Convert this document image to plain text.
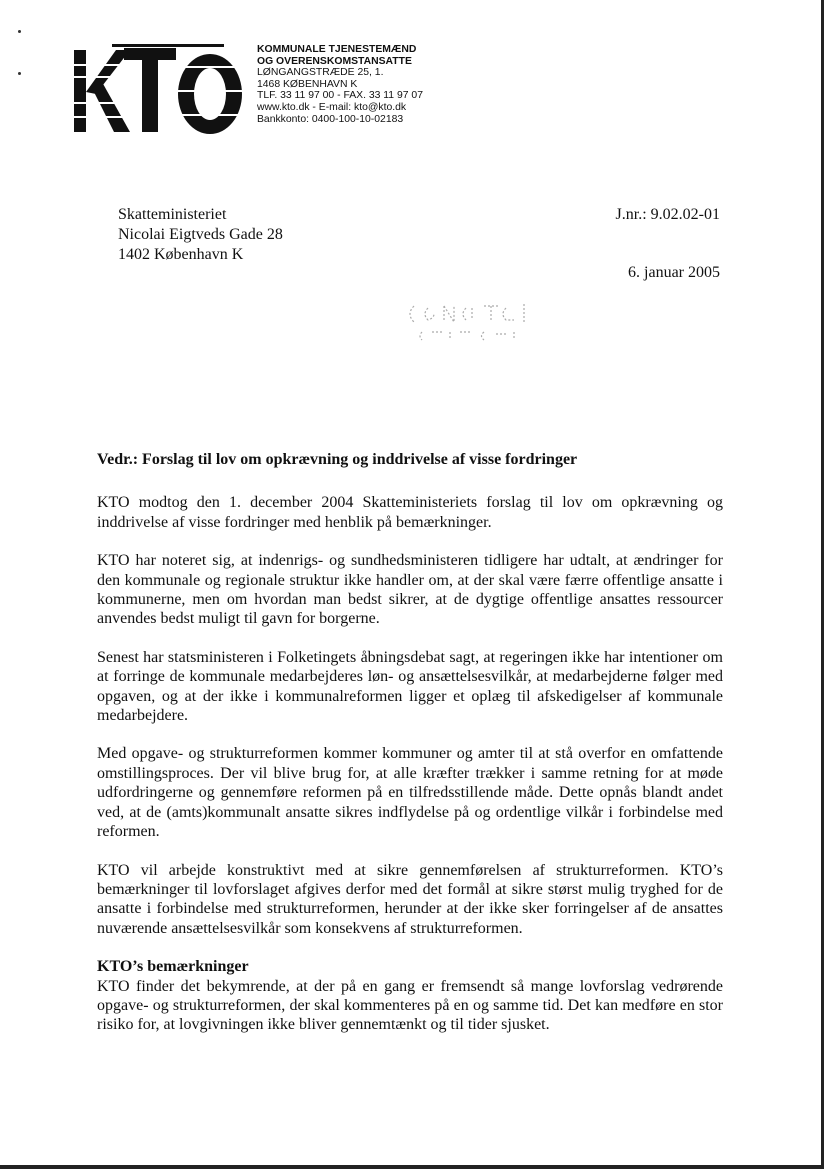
KOMMUNALE TJENESTEMÆND
OG OVERENSKOMSTANSATTE
LØNGANGSTRÆDE 25, 1.
1468 KØBENHAVN K
TLF. 33 11 97 00 - FAX. 33 11 97 07
www.kto.dk - E-mail: kto@kto.dk
Bankkonto: 0400-100-10-02183
Skatteministeriet
Nicolai Eigtveds Gade 28
1402 København K
J.nr.: 9.02.02-01
6. januar 2005
Vedr.: Forslag til lov om opkrævning og inddrivelse af visse fordringer

KTO modtog den 1. december 2004 Skatteministeriets forslag til lov om opkrævning og inddrivelse af visse fordringer med henblik på bemærkninger.

KTO har noteret sig, at indenrigs- og sundhedsministeren tidligere har udtalt, at ændringer for den kommunale og regionale struktur ikke handler om, at der skal være færre offentlige ansatte i kommunerne, men om hvordan man bedst sikrer, at de dygtige offentlige ansattes ressourcer anvendes bedst muligt til gavn for borgerne.

Senest har statsministeren i Folketingets åbningsdebat sagt, at regeringen ikke har intentioner om at forringe de kommunale medarbejderes løn- og ansættelsesvilkår, at medarbejderne følger med opgaven, og at der ikke i kommunalreformen ligger et oplæg til afskedigelser af kommunale medarbejdere.

Med opgave- og strukturreformen kommer kommuner og amter til at stå overfor en omfattende omstillingsproces. Der vil blive brug for, at alle kræfter trækker i samme retning for at møde udfordringerne og gennemføre reformen på en tilfredsstillende måde. Dette opnås blandt andet ved, at de (amts)kommunalt ansatte sikres indflydelse på og ordentlige vilkår i forbindelse med reformen.

KTO vil arbejde konstruktivt med at sikre gennemførelsen af strukturreformen. KTO’s bemærkninger til lovforslaget afgives derfor med det formål at sikre størst mulig tryghed for de ansatte i forbindelse med strukturreformen, herunder at der ikke sker forringelser af de ansattes nuværende ansættelsesvilkår som konsekvens af strukturreformen.

KTO’s bemærkninger

KTO finder det bekymrende, at der på en gang er fremsendt så mange lovforslag vedrørende opgave- og strukturreformen, der skal kommenteres på en og samme tid. Det kan medføre en stor risiko for, at lovgivningen ikke bliver gennemtænkt og til tider sjusket.
